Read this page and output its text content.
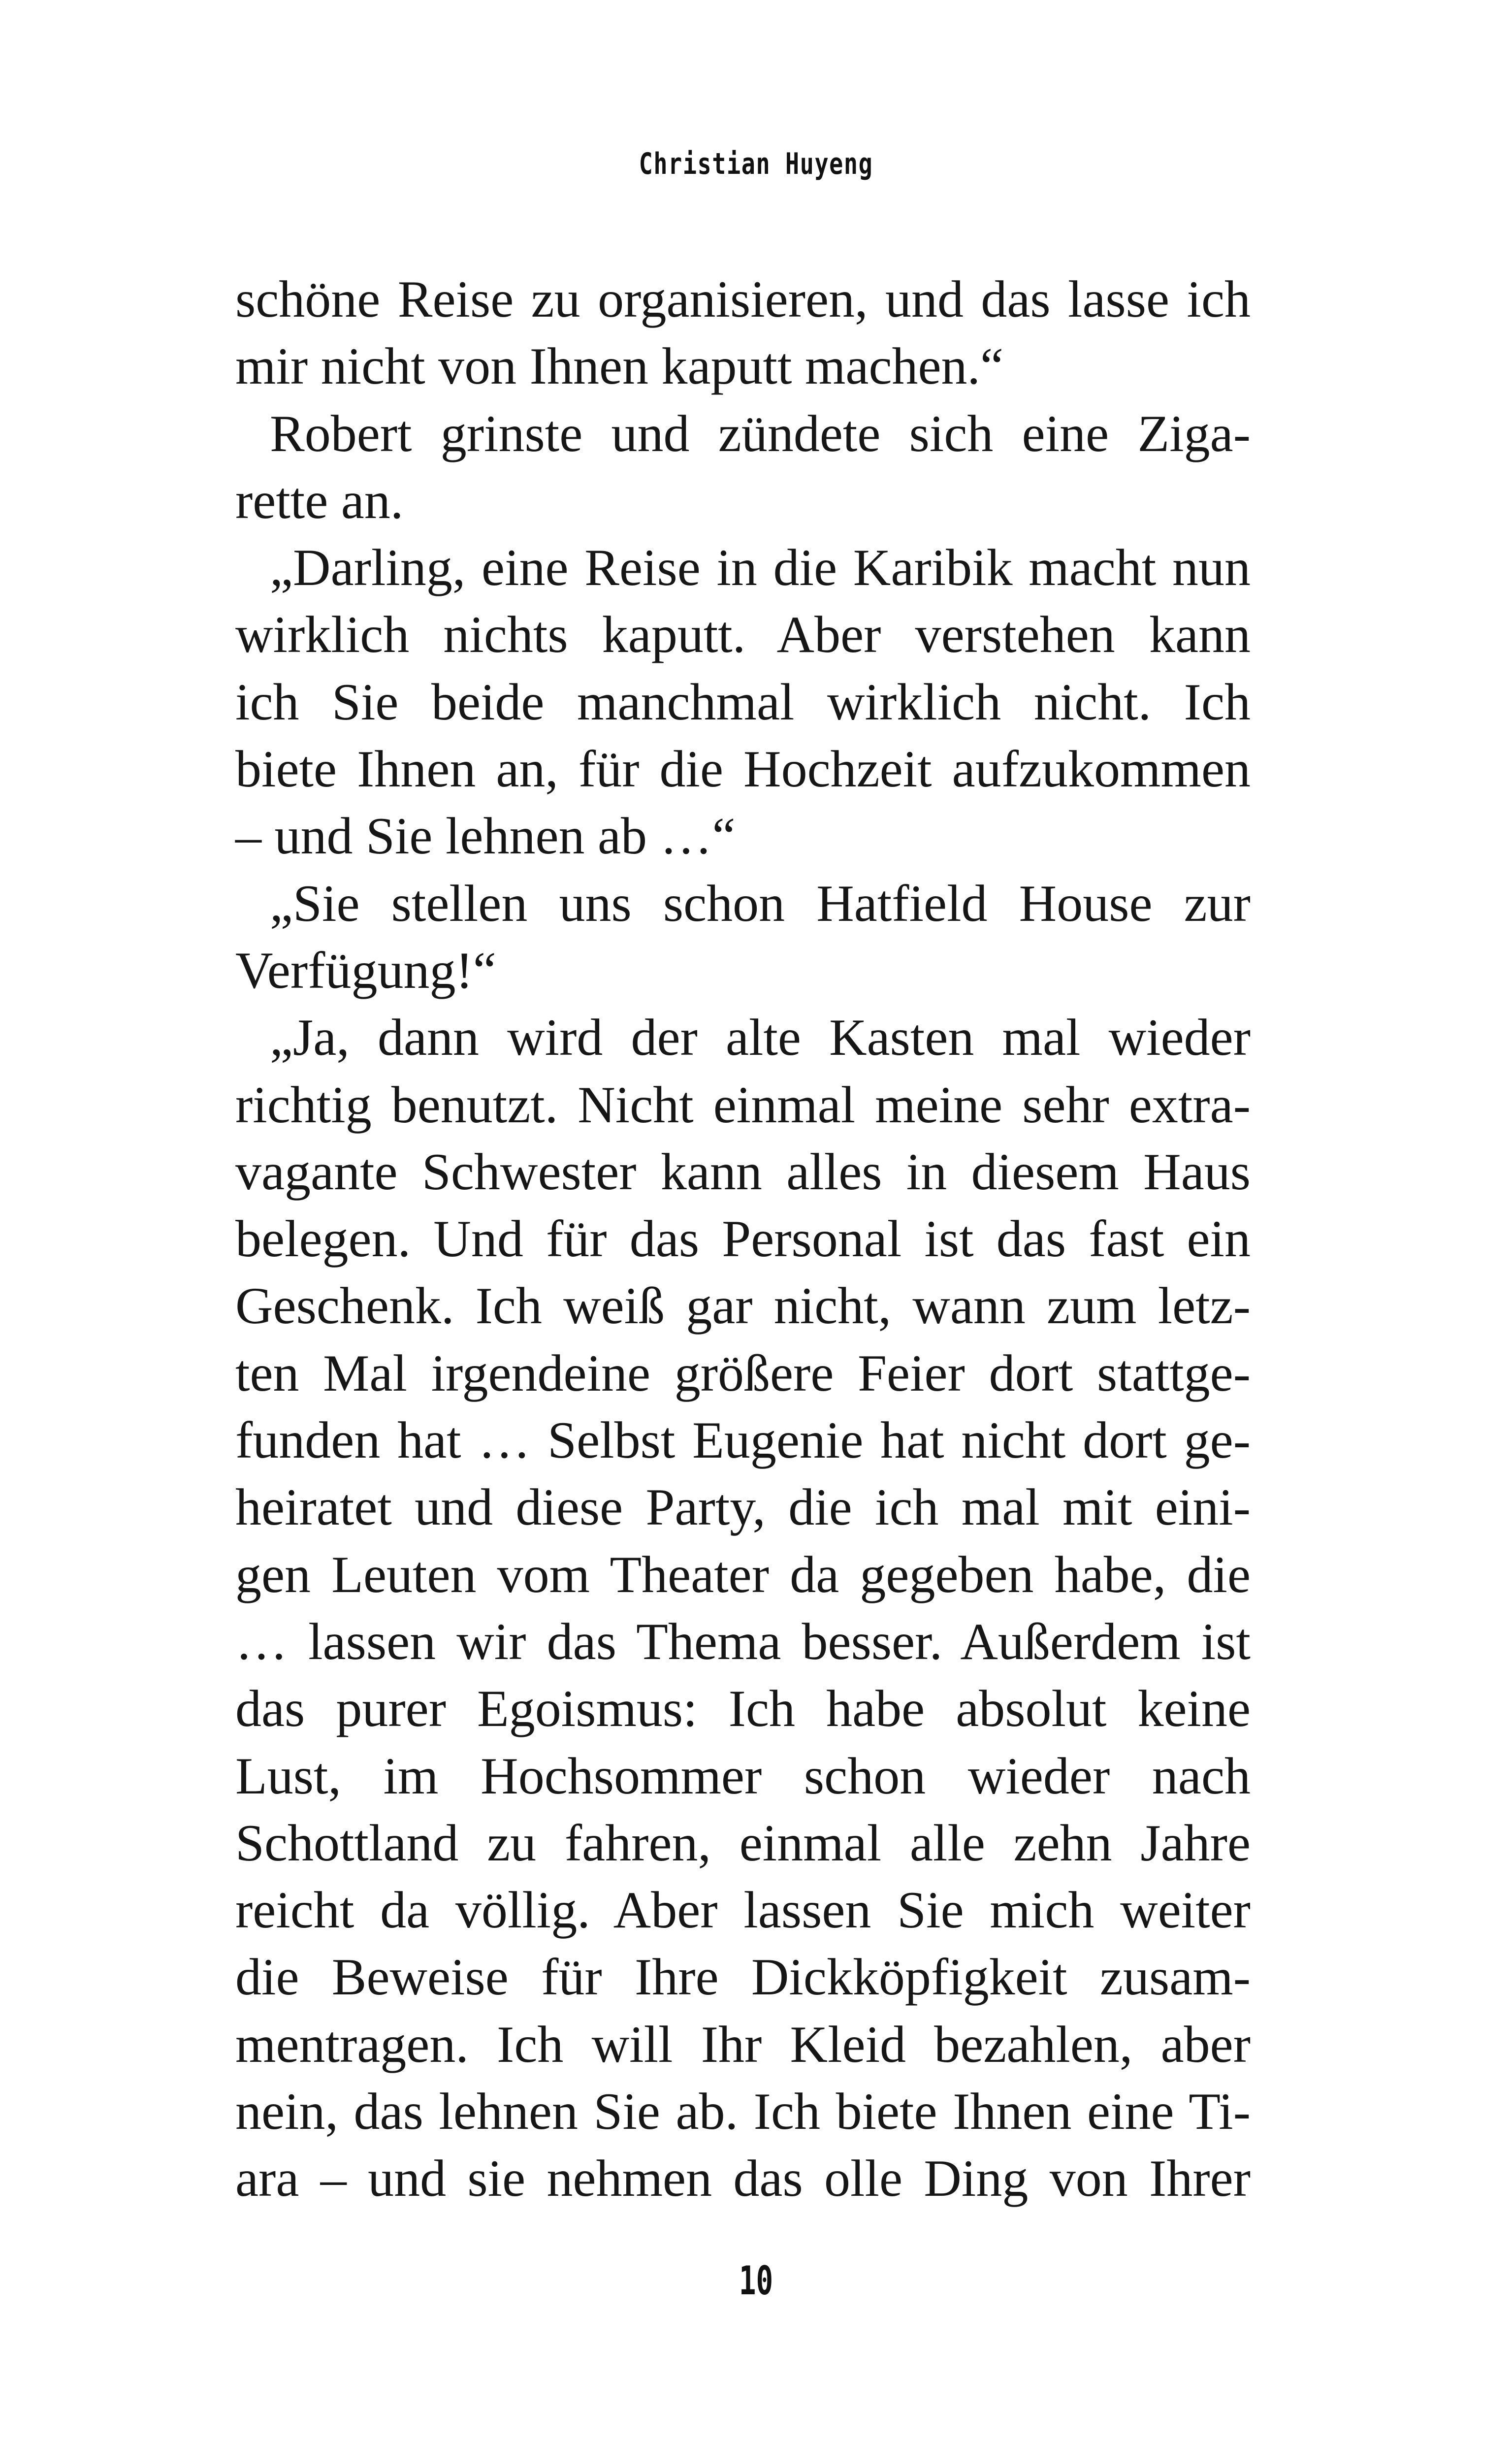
Christian Huyeng
schöne Reise zu organisieren, und das lasse ich
mir nicht von Ihnen kaputt machen.“
Robert grinste und zündete sich eine Ziga-
rette an.
„Darling, eine Reise in die Karibik macht nun
wirklich nichts kaputt. Aber verstehen kann
ich Sie beide manchmal wirklich nicht. Ich
biete Ihnen an, für die Hochzeit aufzukommen
– und Sie lehnen ab …“
„Sie stellen uns schon Hatfield House zur
Verfügung!“
„Ja, dann wird der alte Kasten mal wieder
richtig benutzt. Nicht einmal meine sehr extra-
vagante Schwester kann alles in diesem Haus
belegen. Und für das Personal ist das fast ein
Geschenk. Ich weiß gar nicht, wann zum letz-
ten Mal irgendeine größere Feier dort stattge-
funden hat … Selbst Eugenie hat nicht dort ge-
heiratet und diese Party, die ich mal mit eini-
gen Leuten vom Theater da gegeben habe, die
… lassen wir das Thema besser. Außerdem ist
das purer Egoismus: Ich habe absolut keine
Lust, im Hochsommer schon wieder nach
Schottland zu fahren, einmal alle zehn Jahre
reicht da völlig. Aber lassen Sie mich weiter
die Beweise für Ihre Dickköpfigkeit zusam-
mentragen. Ich will Ihr Kleid bezahlen, aber
nein, das lehnen Sie ab. Ich biete Ihnen eine Ti-
ara – und sie nehmen das olle Ding von Ihrer
10
